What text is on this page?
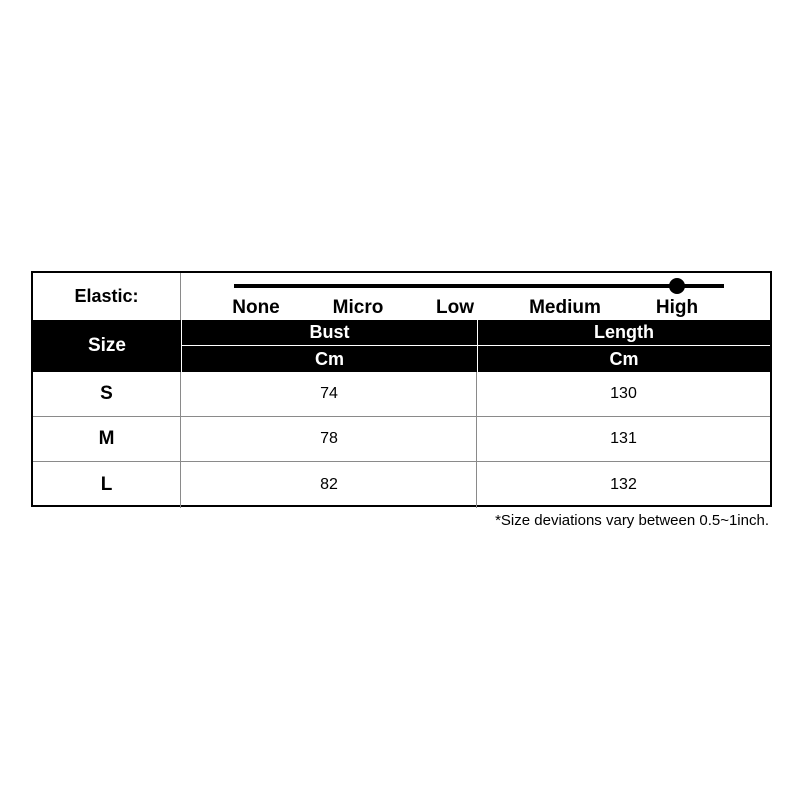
Elastic:
None	Micro	Low	Medium	High
Size
Bust	Length
Cm	Cm
S	74	130
M	78	131
L	82	132
*Size deviations vary between 0.5~1inch.
